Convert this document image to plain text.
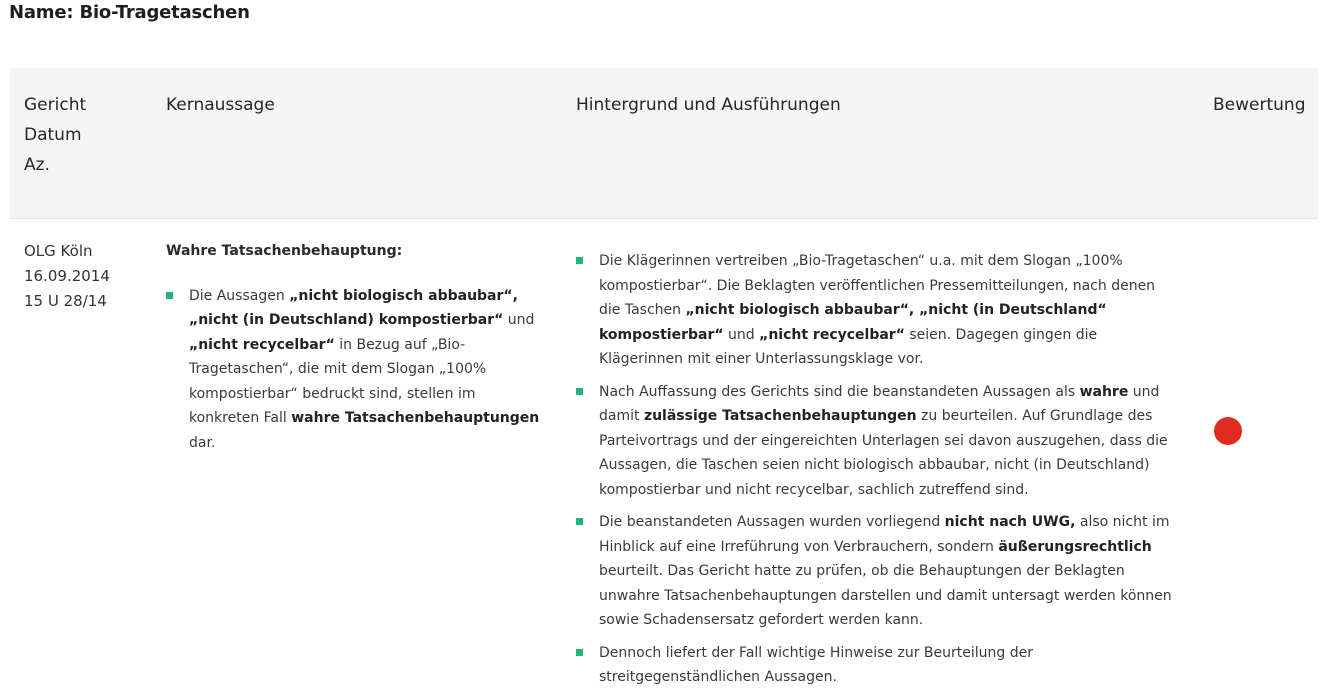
Name: Bio-Tragetaschen
Gericht
Datum
Az.
Kernaussage	Hintergrund und Ausführungen	Bewertung
OLG Köln
16.09.2014
15 U 28/14
Wahre Tatsachenbehauptung:
Die Aussagen „nicht biologisch abbaubar“, „nicht (in Deutschland) kompostierbar“ und „nicht recycelbar“ in Bezug auf „Bio-Tragetaschen“, die mit dem Slogan „100% kompostierbar“ bedruckt sind, stellen im konkreten Fall wahre Tatsachenbehauptungen dar.
Die Klägerinnen vertreiben „Bio-Tragetaschen“ u.a. mit dem Slogan „100% kompostierbar“. Die Beklagten veröffentlichen Pressemitteilungen, nach denen die Taschen „nicht biologisch abbaubar“, „nicht (in Deutschland“ kompostierbar“ und „nicht recycelbar“ seien. Dagegen gingen die Klägerinnen mit einer Unterlassungsklage vor.
Nach Auffassung des Gerichts sind die beanstandeten Aussagen als wahre und damit zulässige Tatsachenbehauptungen zu beurteilen. Auf Grundlage des Parteivortrags und der eingereichten Unterlagen sei davon auszugehen, dass die Aussagen, die Taschen seien nicht biologisch abbaubar, nicht (in Deutschland) kompostierbar und nicht recycelbar, sachlich zutreffend sind.
Die beanstandeten Aussagen wurden vorliegend nicht nach UWG, also nicht im Hinblick auf eine Irreführung von Verbrauchern, sondern äußerungsrechtlich beurteilt. Das Gericht hatte zu prüfen, ob die Behauptungen der Beklagten unwahre Tatsachenbehauptungen darstellen und damit untersagt werden können sowie Schadensersatz gefordert werden kann.
Dennoch liefert der Fall wichtige Hinweise zur Beurteilung der streitgegenständlichen Aussagen.
